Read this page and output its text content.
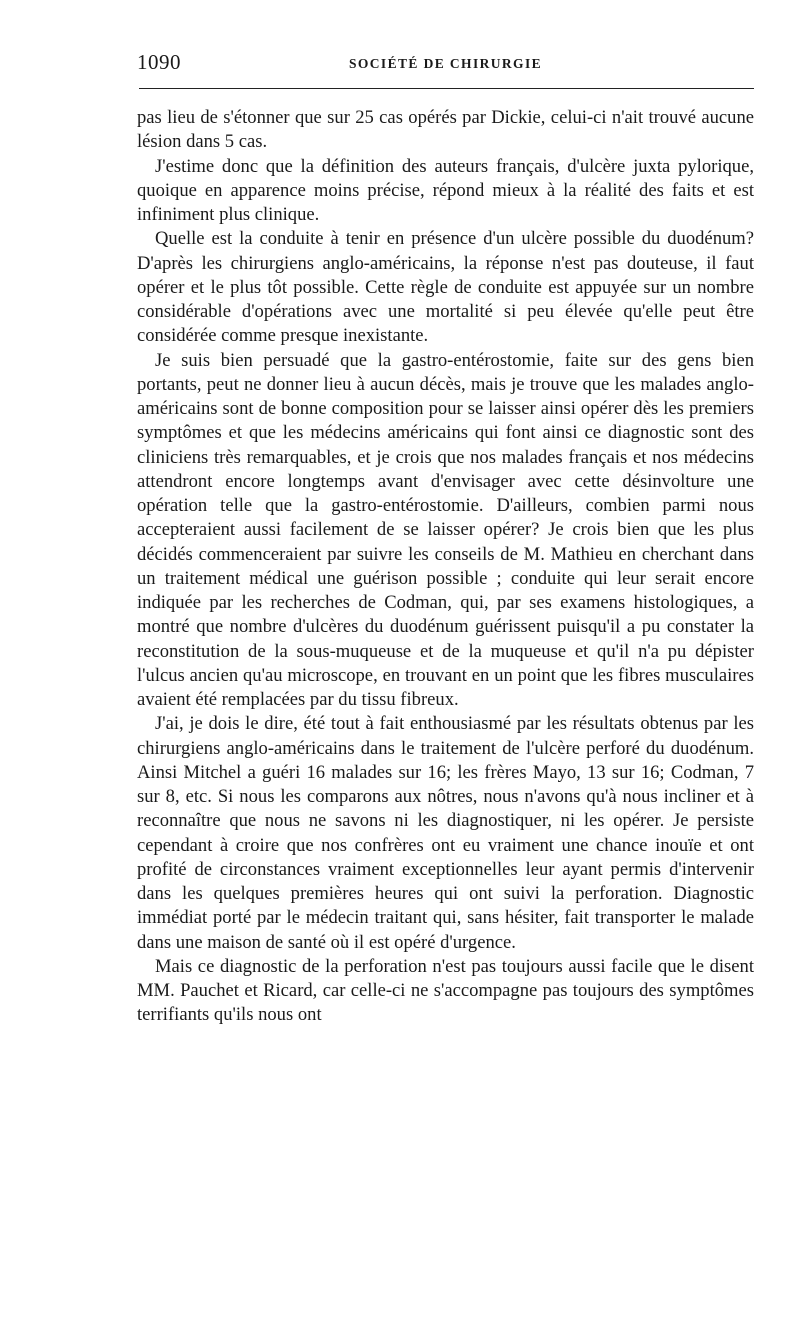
1090	SOCIÉTÉ DE CHIRURGIE

pas lieu de s'étonner que sur 25 cas opérés par Dickie, celui-ci n'ait trouvé aucune lésion dans 5 cas.

J'estime donc que la définition des auteurs français, d'ulcère juxta pylorique, quoique en apparence moins précise, répond mieux à la réalité des faits et est infiniment plus clinique.

Quelle est la conduite à tenir en présence d'un ulcère possible du duodénum? D'après les chirurgiens anglo-américains, la réponse n'est pas douteuse, il faut opérer et le plus tôt possible. Cette règle de conduite est appuyée sur un nombre considérable d'opérations avec une mortalité si peu élevée qu'elle peut être considérée comme presque inexistante.

Je suis bien persuadé que la gastro-entérostomie, faite sur des gens bien portants, peut ne donner lieu à aucun décès, mais je trouve que les malades anglo-américains sont de bonne composition pour se laisser ainsi opérer dès les premiers symptômes et que les médecins américains qui font ainsi ce diagnostic sont des cliniciens très remarquables, et je crois que nos malades français et nos médecins attendront encore longtemps avant d'envisager avec cette désinvolture une opération telle que la gastro-entérostomie. D'ailleurs, combien parmi nous accepteraient aussi facilement de se laisser opérer? Je crois bien que les plus décidés commenceraient par suivre les conseils de M. Mathieu en cherchant dans un traitement médical une guérison possible ; conduite qui leur serait encore indiquée par les recherches de Codman, qui, par ses examens histologiques, a montré que nombre d'ulcères du duodénum guérissent puisqu'il a pu constater la reconstitution de la sous-muqueuse et de la muqueuse et qu'il n'a pu dépister l'ulcus ancien qu'au microscope, en trouvant en un point que les fibres musculaires avaient été remplacées par du tissu fibreux.

J'ai, je dois le dire, été tout à fait enthousiasmé par les résultats obtenus par les chirurgiens anglo-américains dans le traitement de l'ulcère perforé du duodénum. Ainsi Mitchel a guéri 16 malades sur 16; les frères Mayo, 13 sur 16; Codman, 7 sur 8, etc. Si nous les comparons aux nôtres, nous n'avons qu'à nous incliner et à reconnaître que nous ne savons ni les diagnostiquer, ni les opérer. Je persiste cependant à croire que nos confrères ont eu vraiment une chance inouïe et ont profité de circonstances vraiment exceptionnelles leur ayant permis d'intervenir dans les quelques premières heures qui ont suivi la perforation. Diagnostic immédiat porté par le médecin traitant qui, sans hésiter, fait transporter le malade dans une maison de santé où il est opéré d'urgence.

Mais ce diagnostic de la perforation n'est pas toujours aussi facile que le disent MM. Pauchet et Ricard, car celle-ci ne s'accompagne pas toujours des symptômes terrifiants qu'ils nous ont
